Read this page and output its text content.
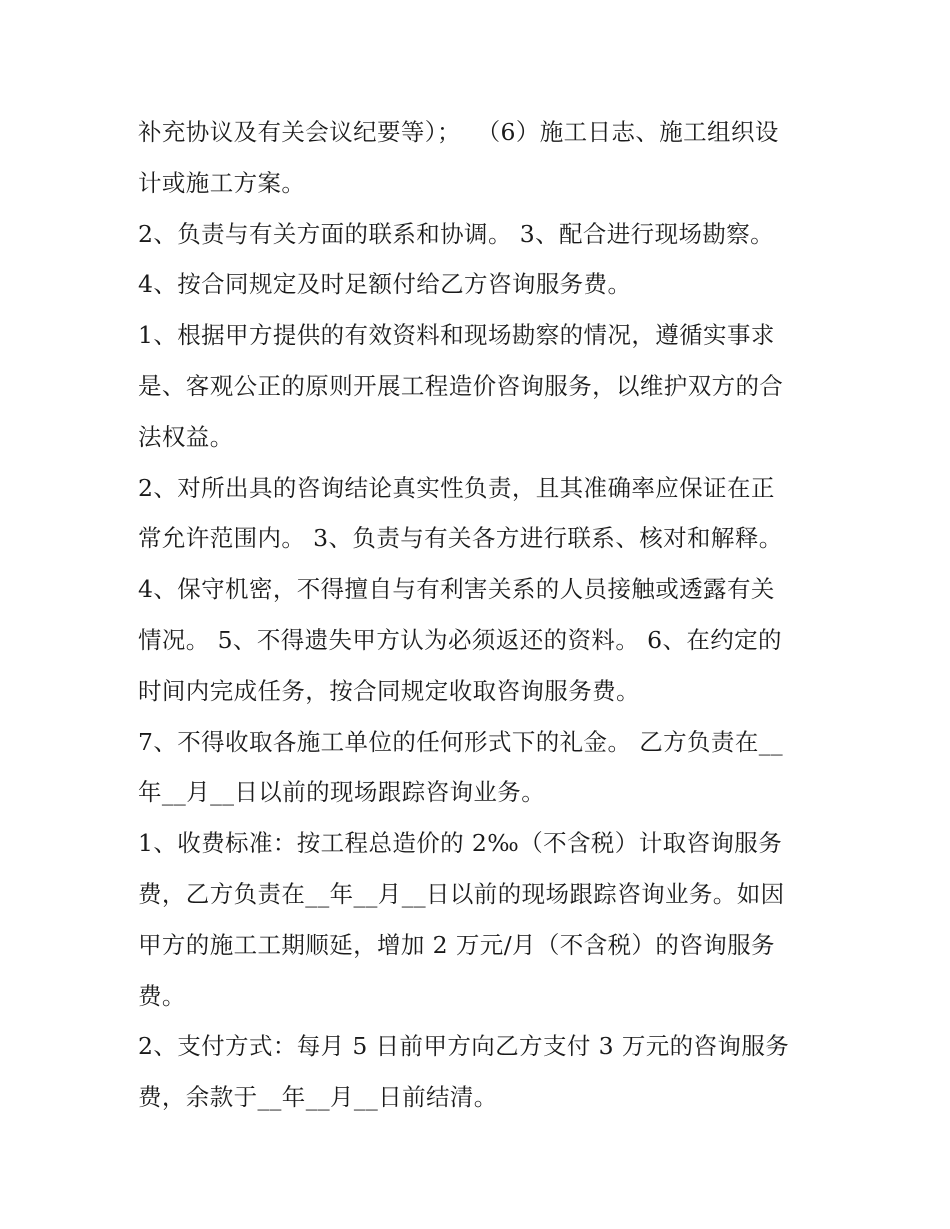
补充协议及有关会议纪要等）；  （6）施工日志、施工组织设
计或施工方案。
2、负责与有关方面的联系和协调。 3、配合进行现场勘察。
4、按合同规定及时足额付给乙方咨询服务费。
1、根据甲方提供的有效资料和现场勘察的情况，遵循实事求
是、客观公正的原则开展工程造价咨询服务，以维护双方的合
法权益。
2、对所出具的咨询结论真实性负责，且其准确率应保证在正
常允许范围内。 3、负责与有关各方进行联系、核对和解释。
4、保守机密，不得擅自与有利害关系的人员接触或透露有关
情况。 5、不得遗失甲方认为必须返还的资料。 6、在约定的
时间内完成任务，按合同规定收取咨询服务费。
7、不得收取各施工单位的任何形式下的礼金。 乙方负责在__
年__月__日以前的现场跟踪咨询业务。
1、收费标准：按工程总造价的 2‰（不含税）计取咨询服务
费，乙方负责在__年__月__日以前的现场跟踪咨询业务。如因
甲方的施工工期顺延，增加 2 万元/月（不含税）的咨询服务
费。
2、支付方式：每月 5 日前甲方向乙方支付 3 万元的咨询服务
费，余款于__年__月__日前结清。
